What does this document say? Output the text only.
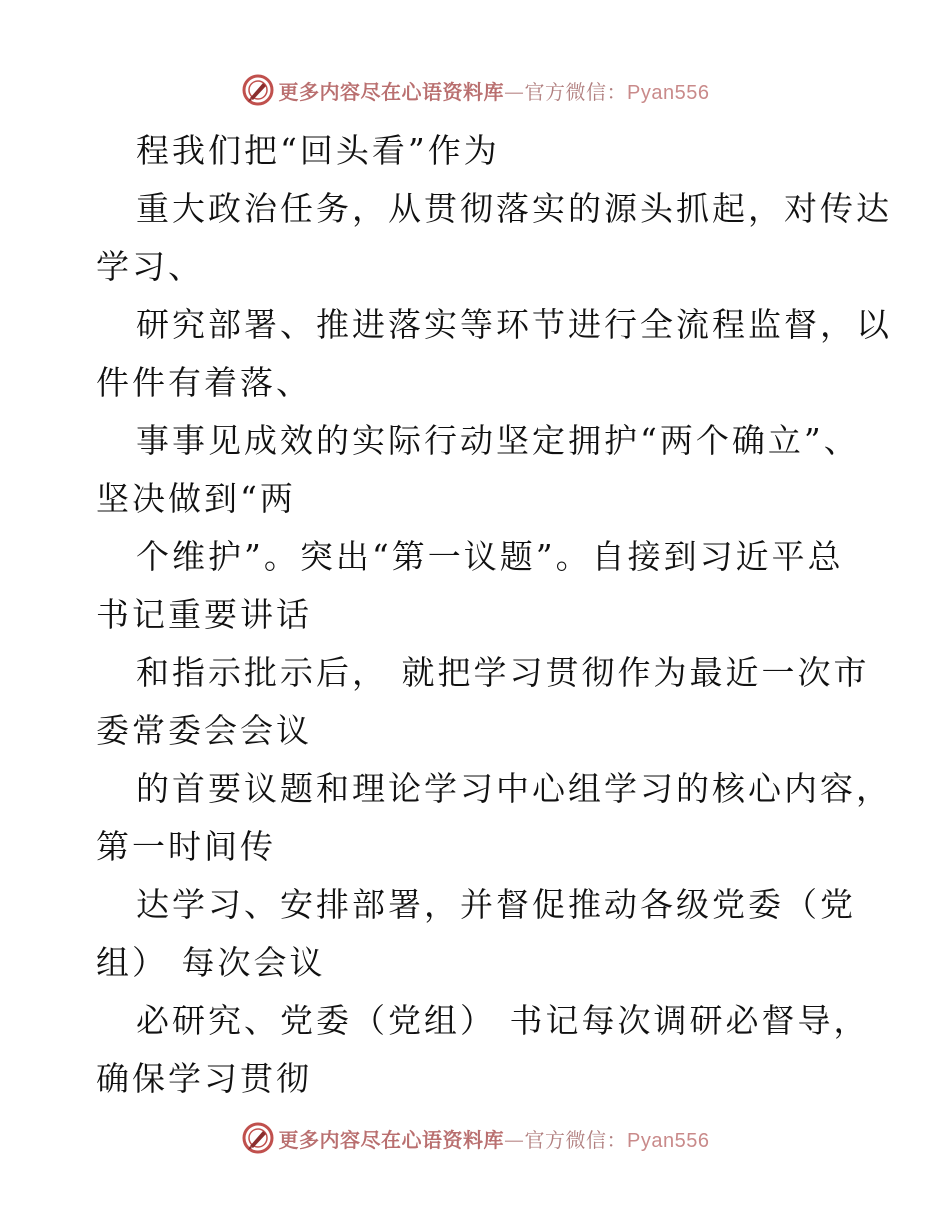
更多内容尽在心语资料库—官方微信：Pyan556
程我们把“回头看”作为
重大政治任务，从贯彻落实的源头抓起，对传达
学习、
研究部署、推进落实等环节进行全流程监督，以
件件有着落、
事事见成效的实际行动坚定拥护“两个确立”、
坚决做到“两
个维护”。突出“第一议题”。自接到习近平总
书记重要讲话
和指示批示后， 就把学习贯彻作为最近一次市
委常委会会议
的首要议题和理论学习中心组学习的核心内容，
第一时间传
达学习、安排部署，并督促推动各级党委（党
组） 每次会议
必研究、党委（党组） 书记每次调研必督导，
确保学习贯彻
更多内容尽在心语资料库—官方微信：Pyan556
